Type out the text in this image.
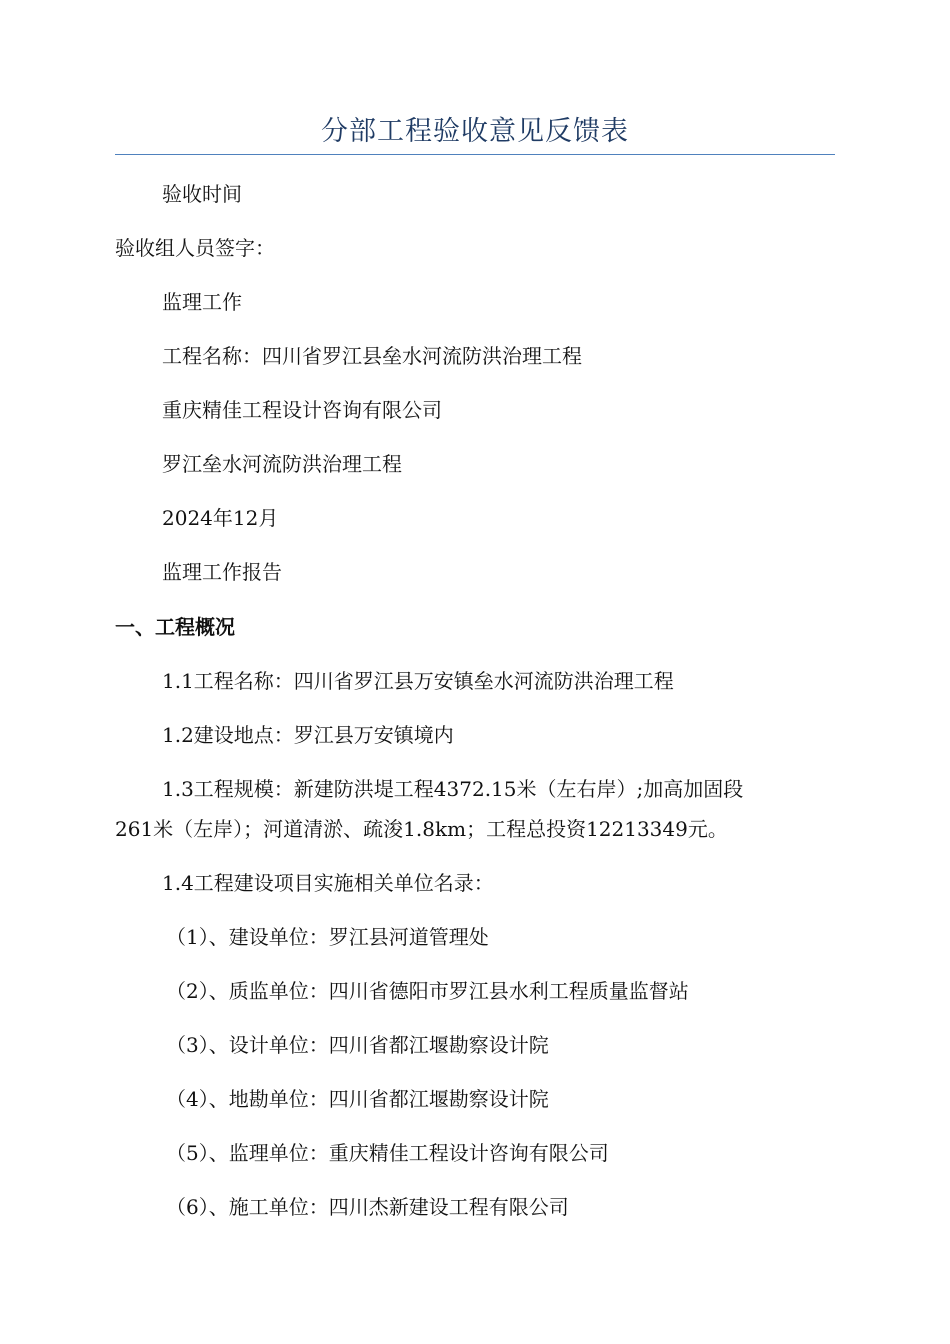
分部工程验收意见反馈表
验收时间
验收组人员签字：
监理工作
工程名称：四川省罗江县垒水河流防洪治理工程
重庆精佳工程设计咨询有限公司
罗江垒水河流防洪治理工程
2024年12月
监理工作报告
一、工程概况
1.1工程名称：四川省罗江县万安镇垒水河流防洪治理工程
1.2建设地点：罗江县万安镇境内
1.3工程规模：新建防洪堤工程4372.15米（左右岸）;加高加固段
261米（左岸）；河道清淤、疏浚1.8km；工程总投资12213349元。
1.4工程建设项目实施相关单位名录：
（1）、建设单位：罗江县河道管理处
（2）、质监单位：四川省德阳市罗江县水利工程质量监督站
（3）、设计单位：四川省都江堰勘察设计院
（4）、地勘单位：四川省都江堰勘察设计院
（5）、监理单位：重庆精佳工程设计咨询有限公司
（6）、施工单位：四川杰新建设工程有限公司
